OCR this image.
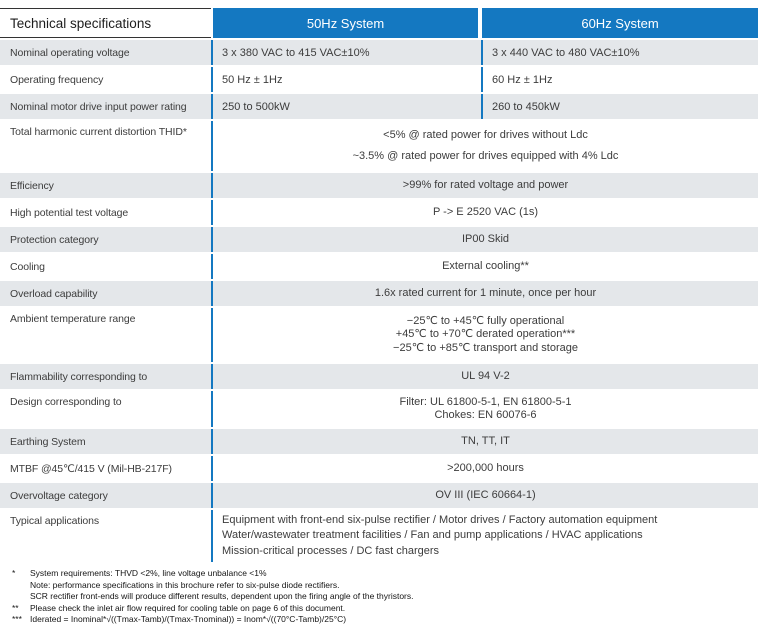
Technical specifications	50Hz System	60Hz System
Nominal operating voltage	3 x 380 VAC to 415 VAC±10%	3 x 440 VAC to 480 VAC±10%
Operating frequency	50 Hz ± 1Hz	60 Hz ± 1Hz
Nominal motor drive input power rating	250 to 500kW	260 to 450kW
Total harmonic current distortion THID*	<5% @ rated power for drives without Ldc
~3.5% @ rated power for drives equipped with 4% Ldc
Efficiency	>99% for rated voltage and power
High potential test voltage	P -> E 2520 VAC (1s)
Protection category	IP00 Skid
Cooling	External cooling**
Overload capability	1.6x rated current for 1 minute, once per hour
Ambient temperature range	−25℃ to +45℃ fully operational
+45℃ to +70℃ derated operation***
−25℃ to +85℃ transport and storage
Flammability corresponding to	UL 94 V-2
Design corresponding to	Filter: UL 61800-5-1, EN 61800-5-1
Chokes: EN 60076-6
Earthing System	TN, TT, IT
MTBF @45℃/415 V (Mil-HB-217F)	>200,000 hours
Overvoltage category	OV III (IEC 60664-1)
Typical applications	Equipment with front-end six-pulse rectifier / Motor drives / Factory automation equipment
Water/wastewater treatment facilities / Fan and pump applications / HVAC applications
Mission-critical processes / DC fast chargers
*	System requirements: THVD <2%, line voltage unbalance <1%
Note: performance specifications in this brochure refer to six-pulse diode rectifiers.
SCR rectifier front-ends will produce different results, dependent upon the firing angle of the thyristors.
**	Please check the inlet air flow required for cooling table on page 6 of this document.
*** Iderated = Inominal*√((Tmax-Tamb)/(Tmax-Tnominal)) = Inom*√((70°C-Tamb)/25°C)
